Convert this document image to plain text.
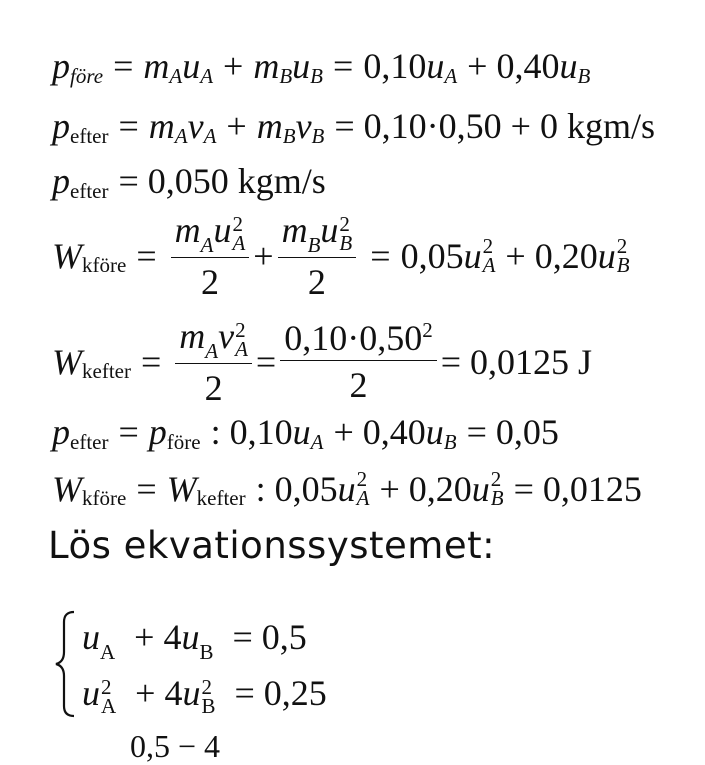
p före = m A u A + m B u B = 0,10 u A + 0,40 u B
p efter = m A v A + m B v B = 0,10·0,50 + 0 kgm/s
p efter = 0,050 kgm/s
W kföre = $m_Au$ 2
A
$2 + m_Bu$ 2
B
2 = 0,05 u 2
A + 0,20 u 2
B
W kefter = $m_Av$ 2
A
$2 = \frac{0,10\cdot 0,50^2}{2} = 0,0125$ J
p efter = p före : 0,10 u A + 0,40 u B = 0,05
W kföre = W kefter : 0,05 u 2
A + 0,20 u 2
B = 0,0125
Lös ekvationssystemet:
$u_A + 4u_B = 0,5$
u 2
A + 4u 2
B = 0,25
0,5 − 4
